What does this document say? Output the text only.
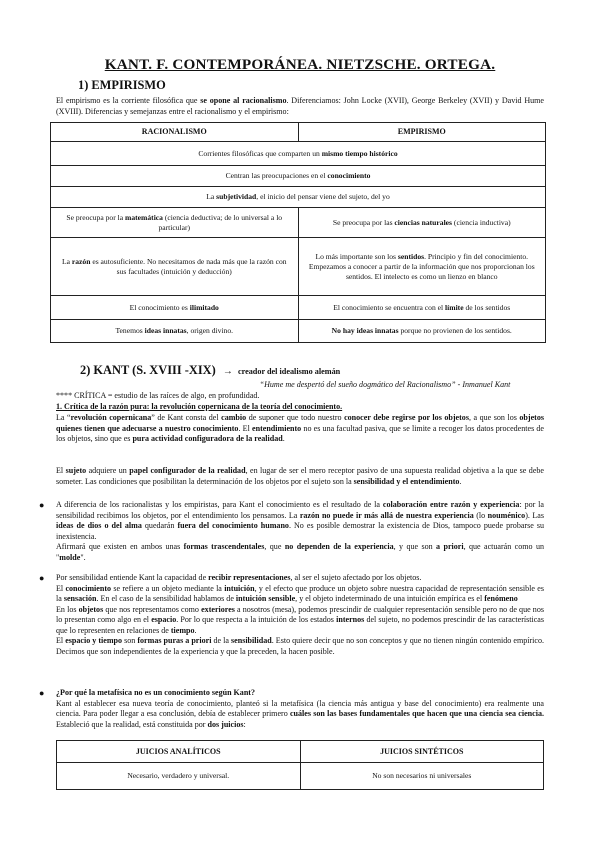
KANT. F. CONTEMPORÁNEA. NIETZSCHE. ORTEGA.
1) EMPIRISMO
El empirismo es la corriente filosófica que se opone al racionalismo. Diferenciamos: John Locke (XVII), George Berkeley (XVII) y David Hume (XVIII). Diferencias y semejanzas entre el racionalismo y el empirismo:
RACIONALISMO	EMPIRISMO
Corrientes filosóficas que comparten un mismo tiempo histórico	
Centran las preocupaciones en el conocimiento	
La subjetividad, el inicio del pensar viene del sujeto, del yo	
Se preocupa por la matemática (ciencia deductiva; de lo universal a lo particular)	Se preocupa por las ciencias naturales (ciencia inductiva)
La razón es autosuficiente. No necesitamos de nada más que la razón con sus facultades (intuición y deducción)	Lo más importante son los sentidos. Principio y fin del conocimiento. Empezamos a conocer a partir de la información que nos proporcionan los sentidos. El intelecto es como un lienzo en blanco
El conocimiento es ilimitado	El conocimiento se encuentra con el límite de los sentidos
Tenemos ideas innatas, origen divino.	No hay ideas innatas porque no provienen de los sentidos.
2) KANT (S. XVIII -XIX) → creador del idealismo alemán
“Hume me despertó del sueño dogmático del Racionalismo” - Inmanuel Kant
**** CRÍTICA = estudio de las raíces de algo, en profundidad.
1. Crítica de la razón pura: la revolución copernicana de la teoría del conocimiento.
La “revolución copernicana” de Kant consta del cambio de suponer que todo nuestro conocer debe regirse por los objetos, a que son los objetos quienes tienen que adecuarse a nuestro conocimiento. El entendimiento no es una facultad pasiva, que se limite a recoger los datos procedentes de los objetos, sino que es pura actividad configuradora de la realidad.
El sujeto adquiere un papel configurador de la realidad, en lugar de ser el mero receptor pasivo de una supuesta realidad objetiva a la que se debe someter. Las condiciones que posibilitan la determinación de los objetos por el sujeto son la sensibilidad y el entendimiento.
● A diferencia de los racionalistas y los empiristas, para Kant el conocimiento es el resultado de la colaboración entre razón y experiencia: por la sensibilidad recibimos los objetos, por el entendimiento los pensamos. La razón no puede ir más allá de nuestra experiencia (lo nouménico). Las ideas de dios o del alma quedarán fuera del conocimiento humano. No es posible demostrar la existencia de Dios, tampoco puede probarse su inexistencia.
Afirmará que existen en ambos unas formas trascendentales, que no dependen de la experiencia, y que son a priori, que actuarán como un "molde".
● Por sensibilidad entiende Kant la capacidad de recibir representaciones, al ser el sujeto afectado por los objetos.
El conocimiento se refiere a un objeto mediante la intuición, y el efecto que produce un objeto sobre nuestra capacidad de representación sensible es la sensación. En el caso de la sensibilidad hablamos de intuición sensible, y el objeto indeterminado de una intuición empírica es el fenómeno
En los objetos que nos representamos como exteriores a nosotros (mesa), podemos prescindir de cualquier representación sensible pero no de que nos lo presentan como algo en el espacio. Por lo que respecta a la intuición de los estados internos del sujeto, no podemos prescindir de las características que lo representen en relaciones de tiempo.
El espacio y tiempo son formas puras a priori de la sensibilidad. Esto quiere decir que no son conceptos y que no tienen ningún contenido empírico. Decimos que son independientes de la experiencia y que la preceden, la hacen posible.
● ¿Por qué la metafísica no es un conocimiento según Kant?
Kant al establecer esa nueva teoría de conocimiento, planteó si la metafísica (la ciencia más antigua y base del conocimiento) era realmente una ciencia. Para poder llegar a esa conclusión, debía de establecer primero cuáles son las bases fundamentales que hacen que una ciencia sea ciencia. Estableció que la realidad, está constituida por dos juicios:
JUICIOS ANALÍTICOS	JUICIOS SINTÉTICOS
Necesario, verdadero y universal.	No son necesarios ni universales
